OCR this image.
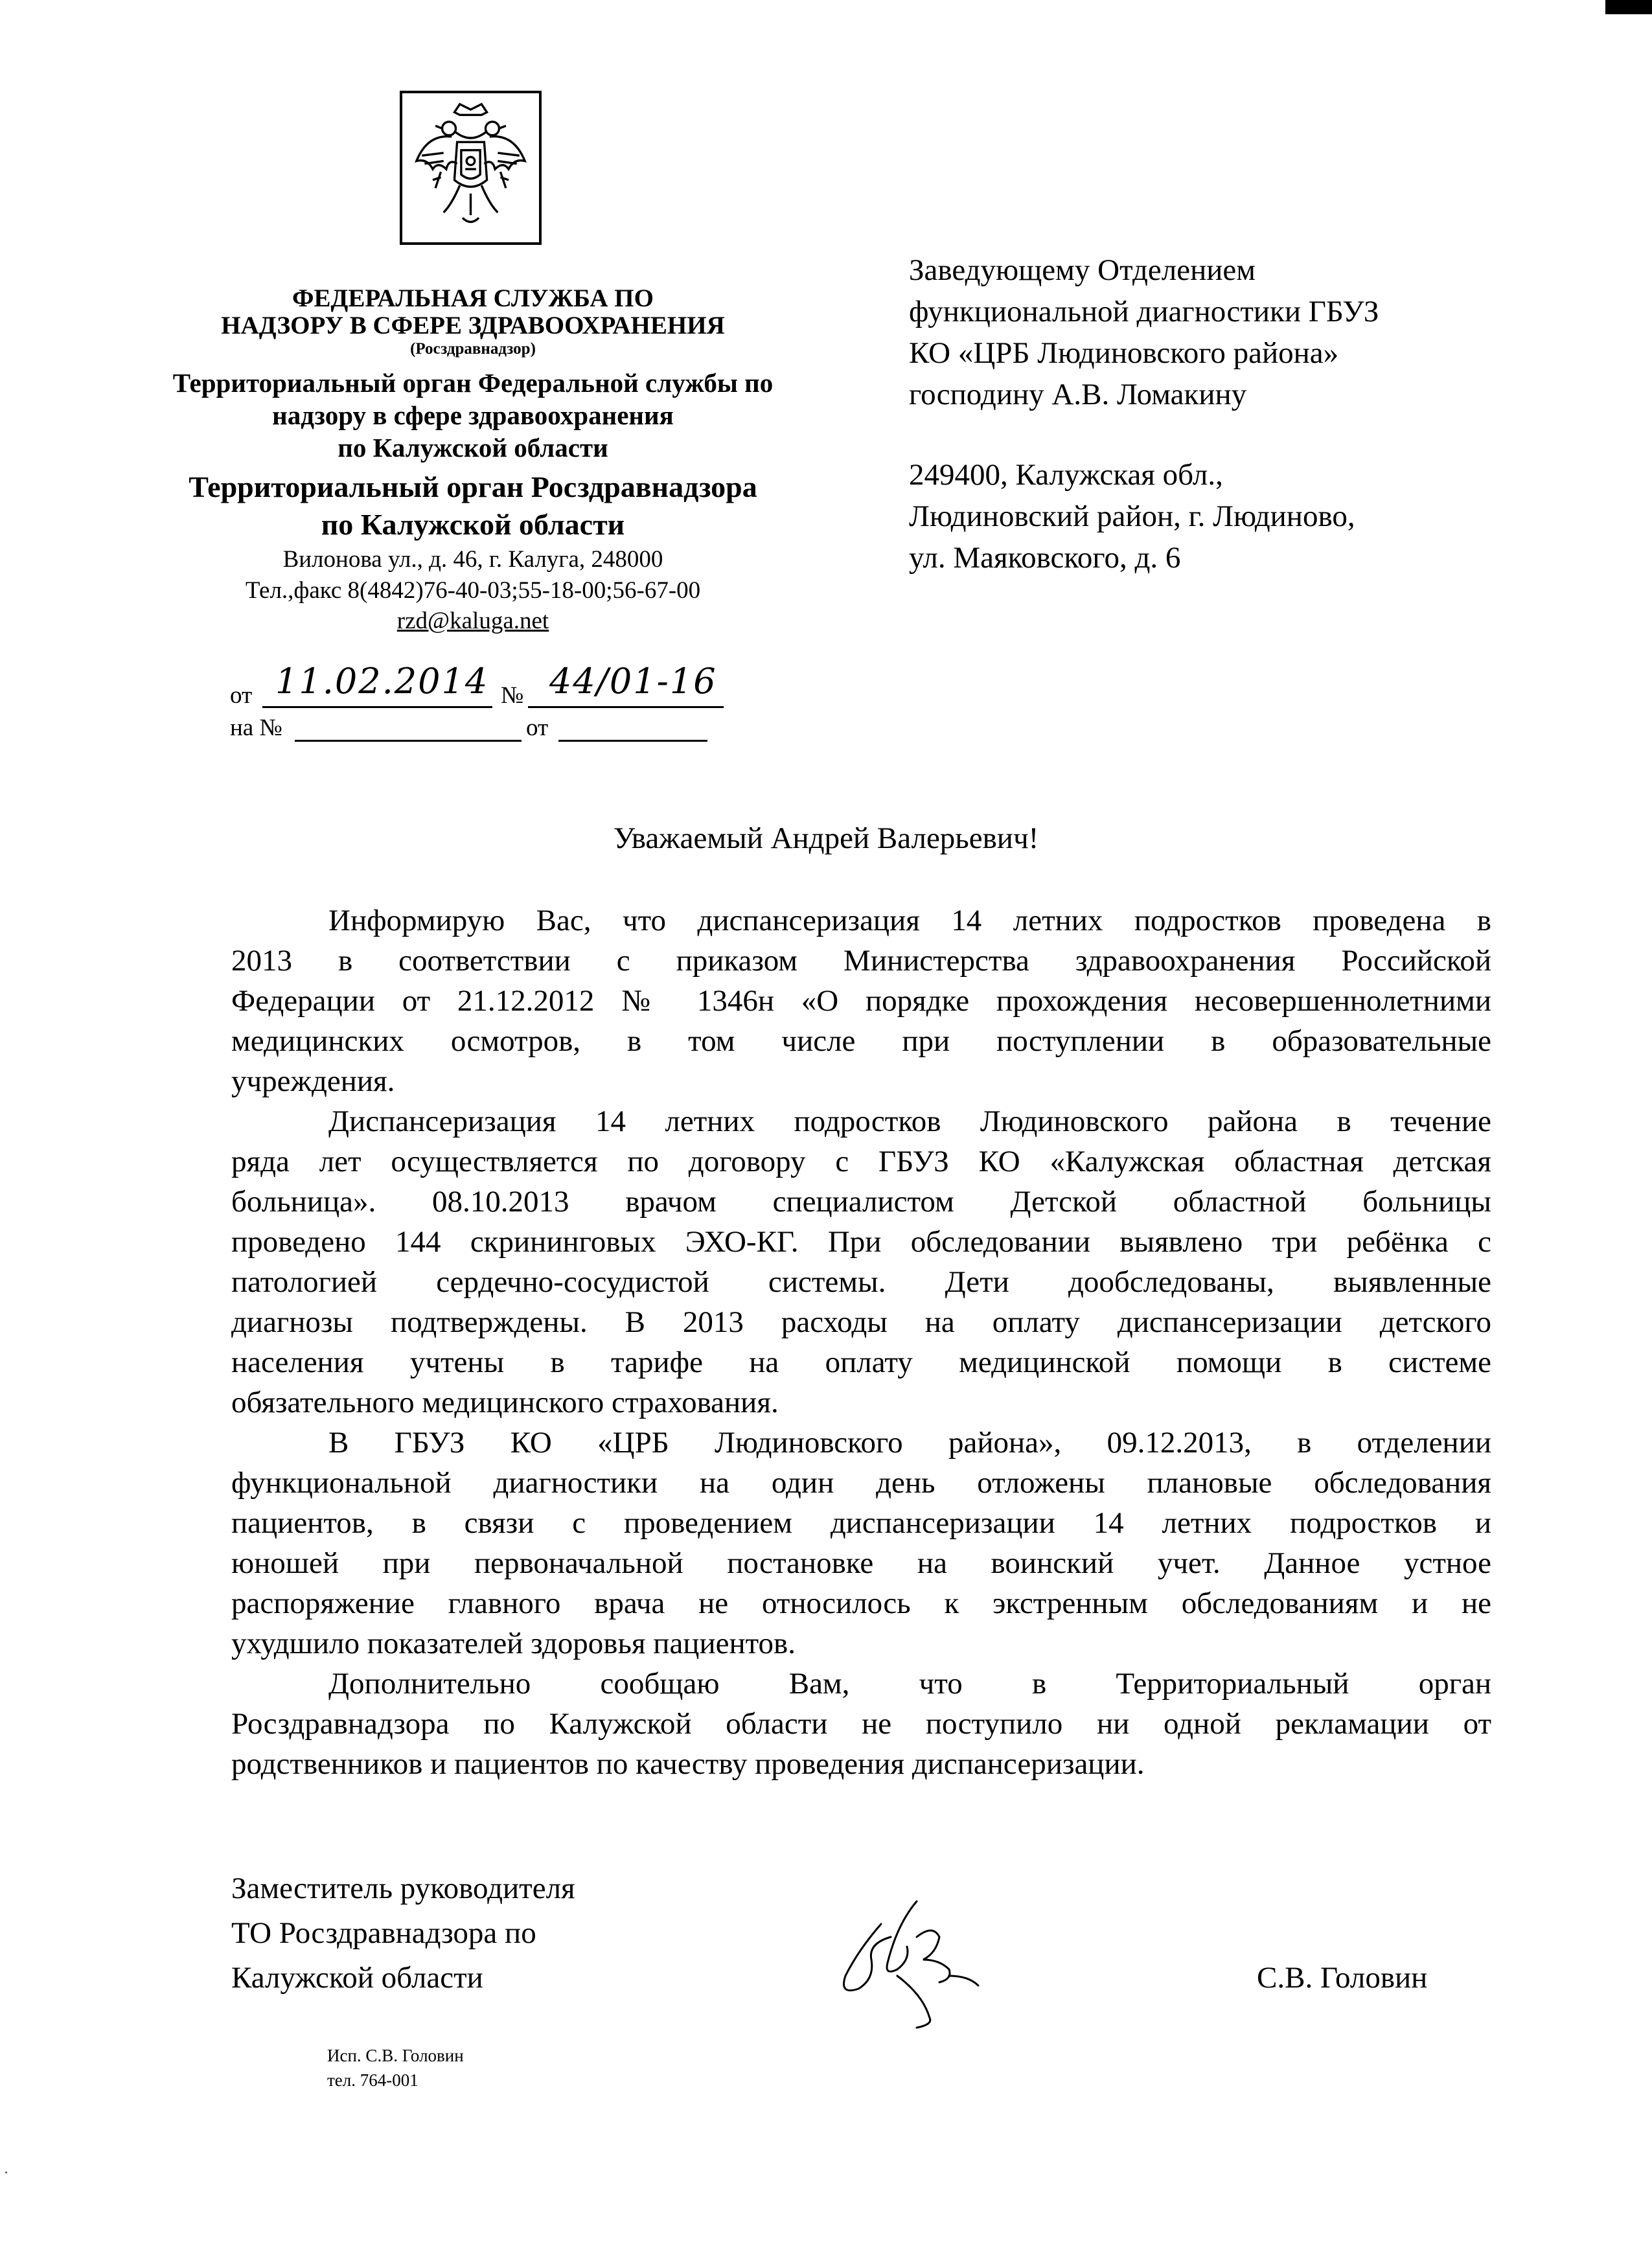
ФЕДЕРАЛЬНАЯ СЛУЖБА ПО
НАДЗОРУ В СФЕРЕ ЗДРАВООХРАНЕНИЯ
(Росздравнадзор)
Территориальный орган Федеральной службы по
надзору в сфере здравоохранения
по Калужской области
Территориальный орган Росздравнадзора
по Калужской области
Вилонова ул., д. 46, г. Калуга, 248000
Тел.,факс 8(4842)76-40-03;55-18-00;56-67-00
rzd@kaluga.net
от 11.02.2014 № 44/01-16
на №	от
Заведующему Отделением
функциональной диагностики ГБУЗ
КО «ЦРБ Людиновского района»
господину А.В. Ломакину
249400, Калужская обл.,
Людиновский район, г. Людиново,
ул. Маяковского, д. 6
Уважаемый Андрей Валерьевич!
Информирую Вас, что диспансеризация 14 летних подростков проведена в
2013 в соответствии с приказом Министерства здравоохранения Российской
Федерации от 21.12.2012 № 1346н «О порядке прохождения несовершеннолетними
медицинских осмотров, в том числе при поступлении в образовательные
учреждения.
Диспансеризация 14 летних подростков Людиновского района в течение
ряда лет осуществляется по договору с ГБУЗ КО «Калужская областная детская
больница». 08.10.2013 врачом специалистом Детской областной больницы
проведено 144 скрининговых ЭХО-КГ. При обследовании выявлено три ребёнка с
патологией сердечно-сосудистой системы. Дети дообследованы, выявленные
диагнозы подтверждены. В 2013 расходы на оплату диспансеризации детского
населения учтены в тарифе на оплату медицинской помощи в системе
обязательного медицинского страхования.
В ГБУЗ КО «ЦРБ Людиновского района», 09.12.2013, в отделении
функциональной диагностики на один день отложены плановые обследования
пациентов, в связи с проведением диспансеризации 14 летних подростков и
юношей при первоначальной постановке на воинский учет. Данное устное
распоряжение главного врача не относилось к экстренным обследованиям и не
ухудшило показателей здоровья пациентов.
Дополнительно сообщаю Вам, что в Территориальный орган
Росздравнадзора по Калужской области не поступило ни одной рекламации от
родственников и пациентов по качеству проведения диспансеризации.
Заместитель руководителя
ТО Росздравнадзора по
Калужской области	С.В. Головин
Исп. С.В. Головин
тел. 764-001
